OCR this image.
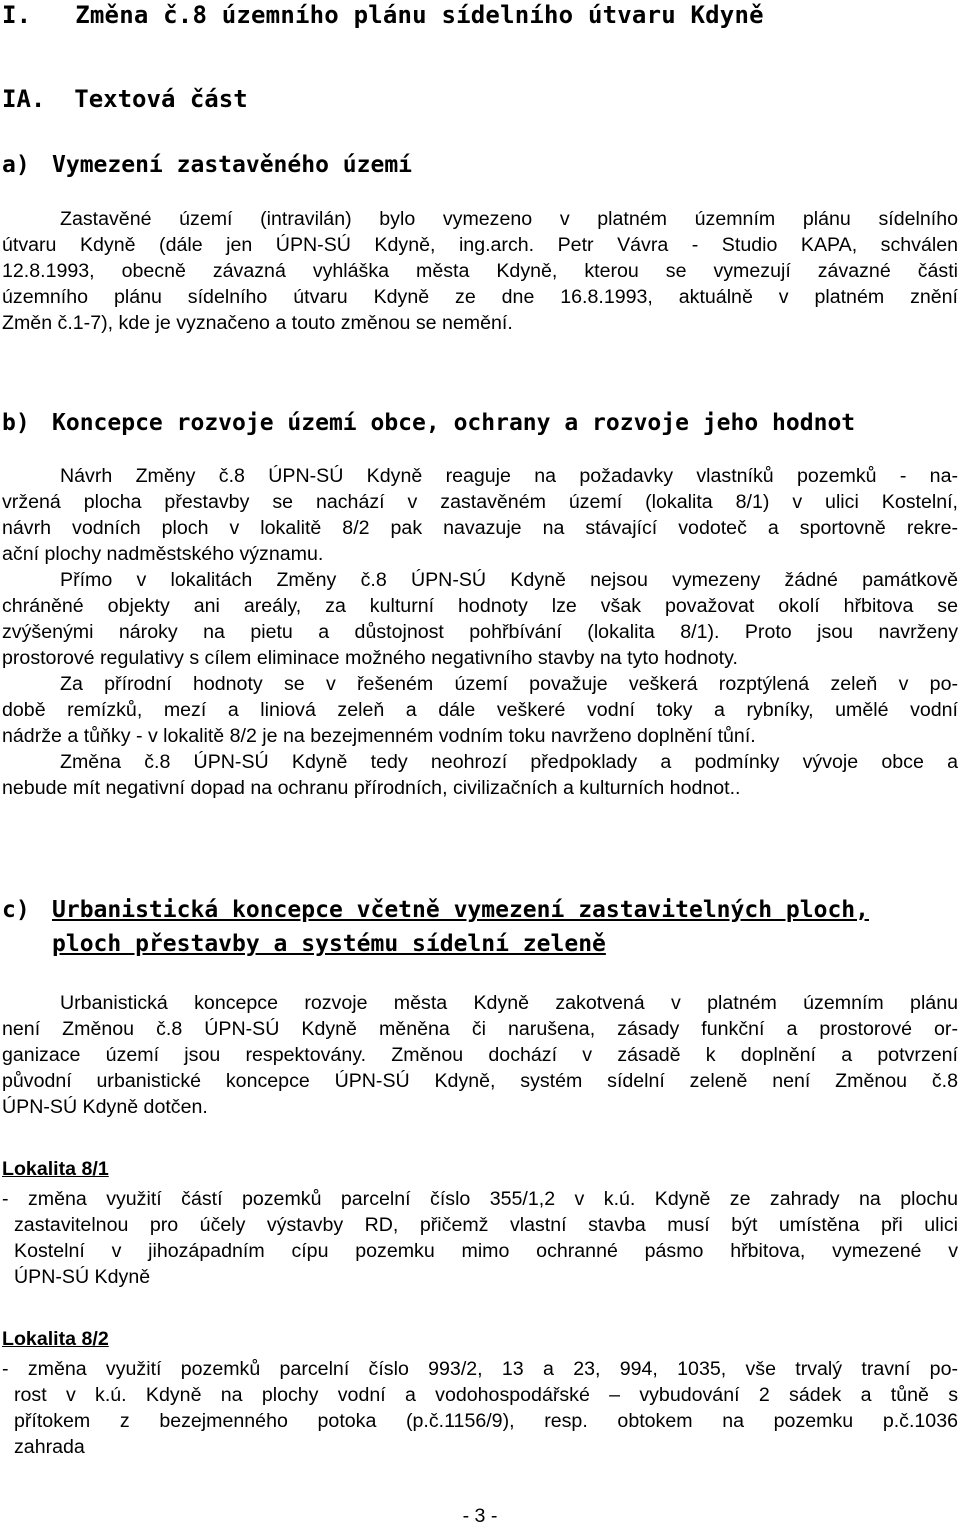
I.   Změna č.8 územního plánu sídelního útvaru Kdyně
IA.  Textová část
a) Vymezení zastavěného území
Zastavěné území (intravilán) bylo vymezeno v platném územním plánu sídelního
útvaru Kdyně (dále jen ÚPN-SÚ Kdyně, ing.arch. Petr Vávra - Studio KAPA, schválen
12.8.1993, obecně závazná vyhláška města Kdyně, kterou se vymezují závazné části
územního plánu sídelního útvaru Kdyně ze dne 16.8.1993, aktuálně v platném znění
Změn č.1-7), kde je vyznačeno a touto změnou se nemění.
b) Koncepce rozvoje území obce, ochrany a rozvoje jeho hodnot
Návrh Změny č.8 ÚPN-SÚ Kdyně reaguje na požadavky vlastníků pozemků - na-
vržená plocha přestavby se nachází v zastavěném území (lokalita 8/1) v ulici Kostelní,
návrh vodních ploch v lokalitě 8/2 pak navazuje na stávající vodoteč a sportovně rekre-
ační plochy nadměstského významu.
Přímo v lokalitách Změny č.8 ÚPN-SÚ Kdyně nejsou vymezeny žádné památkově
chráněné objekty ani areály, za kulturní hodnoty lze však považovat okolí hřbitova se
zvýšenými nároky na pietu a důstojnost pohřbívání (lokalita 8/1). Proto jsou navrženy
prostorové regulativy s cílem eliminace možného negativního stavby na tyto hodnoty.
Za přírodní hodnoty se v řešeném území považuje veškerá rozptýlená zeleň v po-
době remízků, mezí a liniová zeleň a dále veškeré vodní toky a rybníky, umělé vodní
nádrže a tůňky - v lokalitě 8/2 je na bezejmenném vodním toku navrženo doplnění tůní.
Změna č.8 ÚPN-SÚ Kdyně tedy neohrozí předpoklady a podmínky vývoje obce a
nebude mít negativní dopad na ochranu přírodních, civilizačních a kulturních hodnot..
c) Urbanistická koncepce včetně vymezení zastavitelných ploch,
ploch přestavby a systému sídelní zeleně
Urbanistická koncepce rozvoje města Kdyně zakotvená v platném územním plánu
není Změnou č.8 ÚPN-SÚ Kdyně měněna či narušena, zásady funkční a prostorové or-
ganizace území jsou respektovány. Změnou dochází v zásadě k doplnění a potvrzení
původní urbanistické koncepce ÚPN-SÚ Kdyně, systém sídelní zeleně není Změnou č.8
ÚPN-SÚ Kdyně dotčen.
Lokalita 8/1
- změna využití částí pozemků parcelní číslo 355/1,2 v k.ú. Kdyně ze zahrady na plochu
zastavitelnou pro účely výstavby RD, přičemž vlastní stavba musí být umístěna při ulici
Kostelní v jihozápadním cípu pozemku mimo ochranné pásmo hřbitova, vymezené v
ÚPN-SÚ Kdyně
Lokalita 8/2
- změna využití pozemků parcelní číslo 993/2, 13 a 23, 994, 1035, vše trvalý travní po-
rost v k.ú. Kdyně na plochy vodní a vodohospodářské – vybudování 2 sádek a tůně s
přítokem z bezejmenného potoka (p.č.1156/9), resp. obtokem na pozemku p.č.1036
zahrada
- 3 -
